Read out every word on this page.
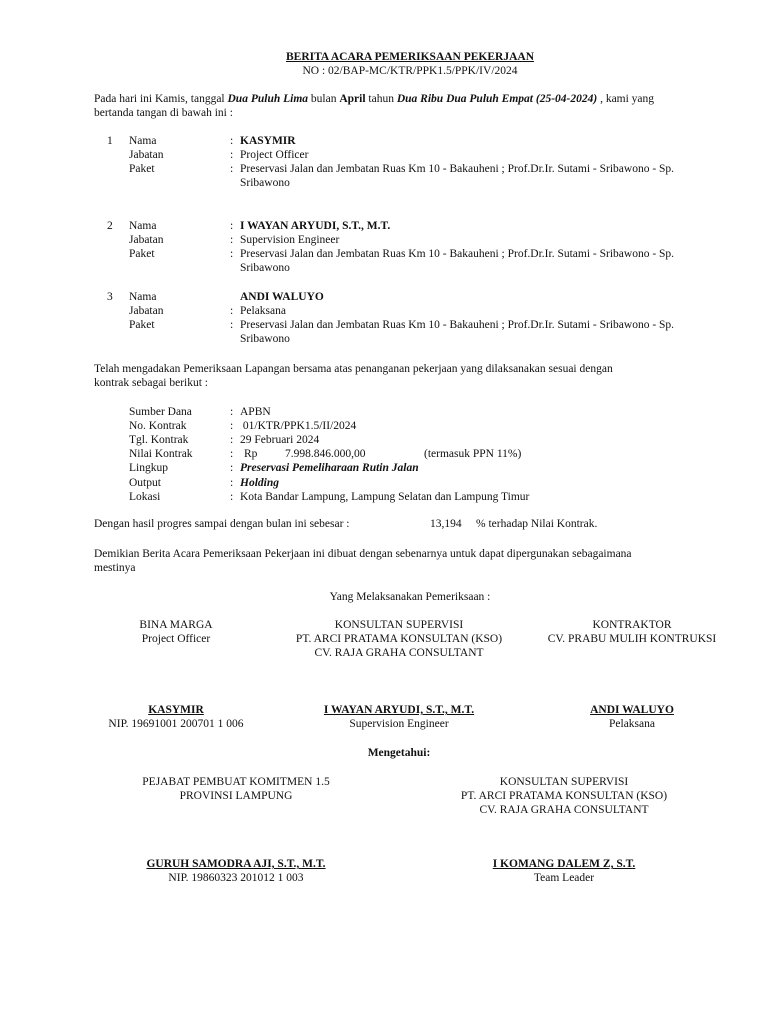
BERITA ACARA PEMERIKSAAN PEKERJAAN
NO : 02/BAP-MC/KTR/PPK1.5/PPK/IV/2024
Pada hari ini Kamis, tanggal Dua Puluh Lima bulan April tahun Dua Ribu Dua Puluh Empat (25-04-2024) , kami yang
bertanda tangan di bawah ini :
1 Nama	: KASYMIR
Jabatan	: Project Officer
Paket	: Preservasi Jalan dan Jembatan Ruas Km 10 - Bakauheni ; Prof.Dr.Ir. Sutami - Sribawono - Sp.
Sribawono
2 Nama	: I WAYAN ARYUDI, S.T., M.T.
Jabatan	: Supervision Engineer
Paket	: Preservasi Jalan dan Jembatan Ruas Km 10 - Bakauheni ; Prof.Dr.Ir. Sutami - Sribawono - Sp.
Sribawono
3 Nama	ANDI WALUYO
Jabatan	: Pelaksana
Paket	: Preservasi Jalan dan Jembatan Ruas Km 10 - Bakauheni ; Prof.Dr.Ir. Sutami - Sribawono - Sp.
Sribawono
Telah mengadakan Pemeriksaan Lapangan bersama atas penanganan pekerjaan yang dilaksanakan sesuai dengan
kontrak sebagai berikut :
Sumber Dana	: APBN
No. Kontrak	: 01/KTR/PPK1.5/II/2024
Tgl. Kontrak	: 29 Februari 2024
Nilai Kontrak	: Rp 7.998.846.000,00	(termasuk PPN 11%)
Lingkup	: Preservasi Pemeliharaan Rutin Jalan
Output	: Holding
Lokasi	: Kota Bandar Lampung, Lampung Selatan dan Lampung Timur
Dengan hasil progres sampai dengan bulan ini sebesar :	13,194 % terhadap Nilai Kontrak.
Demikian Berita Acara Pemeriksaan Pekerjaan ini dibuat dengan sebenarnya untuk dapat dipergunakan sebagaimana
mestinya
Yang Melaksanakan Pemeriksaan :
BINA MARGA
Project Officer
KONSULTAN SUPERVISI
PT. ARCI PRATAMA KONSULTAN (KSO)
CV. RAJA GRAHA CONSULTANT
KONTRAKTOR
CV. PRABU MULIH KONTRUKSI
KASYMIR
NIP. 19691001 200701 1 006
I WAYAN ARYUDI, S.T., M.T.
Supervision Engineer
ANDI WALUYO
Pelaksana
Mengetahui:
PEJABAT PEMBUAT KOMITMEN 1.5
PROVINSI LAMPUNG
KONSULTAN SUPERVISI
PT. ARCI PRATAMA KONSULTAN (KSO)
CV. RAJA GRAHA CONSULTANT
GURUH SAMODRA AJI, S.T., M.T.
NIP. 19860323 201012 1 003
I KOMANG DALEM Z, S.T.
Team Leader
